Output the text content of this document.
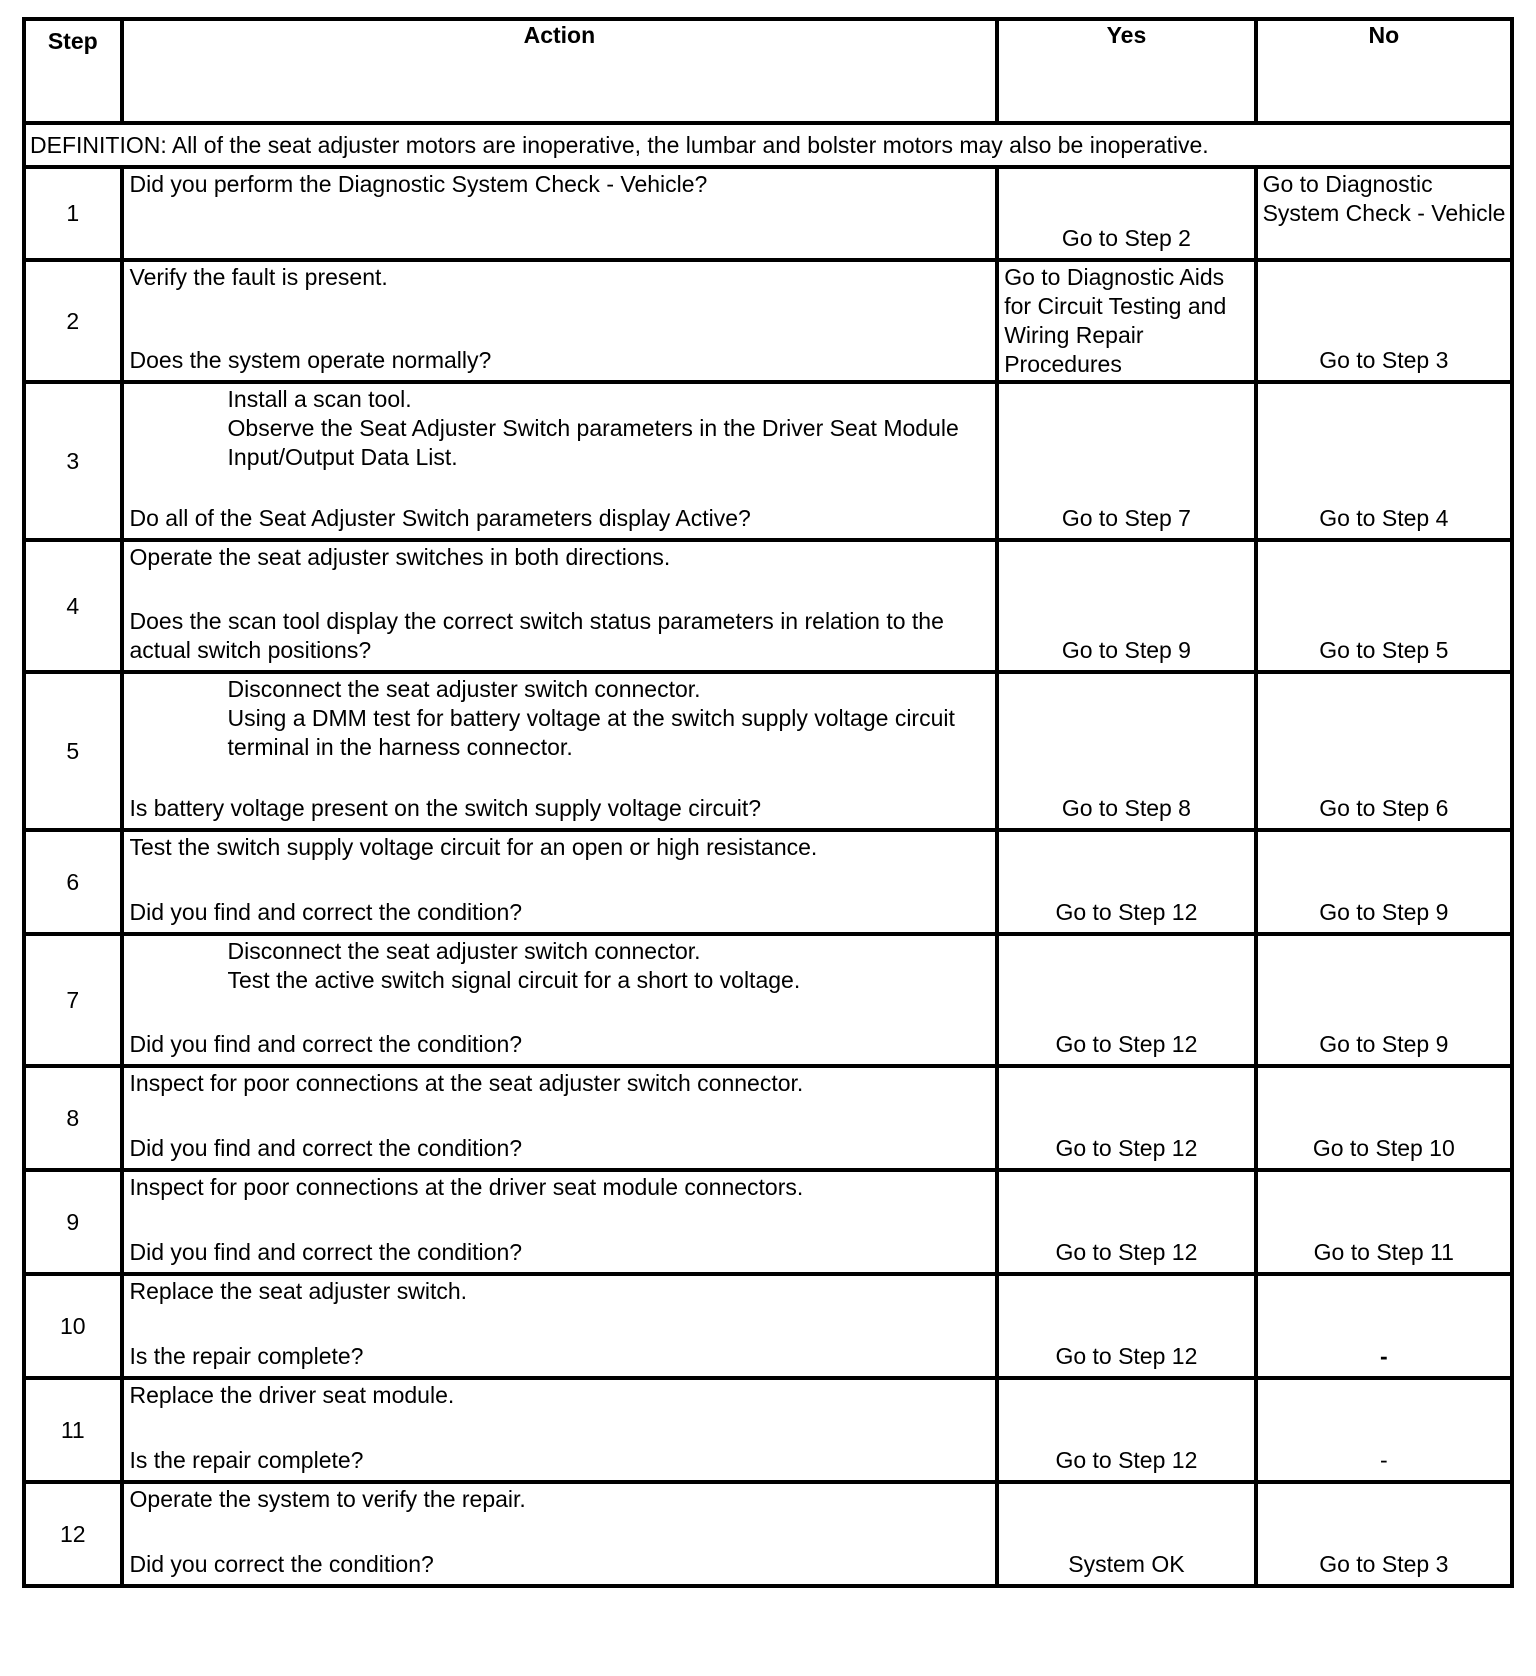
Step	Action	Yes	No

DEFINITION: All of the seat adjuster motors are inoperative, the lumbar and bolster motors may also be inoperative.			
1	Did you perform the Diagnostic System Check - Vehicle?	Go to Step 2	Go to Diagnostic System Check - Vehicle

2	Verify the fault is present.
Does the system operate normally?	Go to Diagnostic Aids for Circuit Testing and Wiring Repair Procedures	Go to Step 3

3	Install a scan tool.
Observe the Seat Adjuster Switch parameters in the Driver Seat Module Input/Output Data List.
Do all of the Seat Adjuster Switch parameters display Active?	Go to Step 7	Go to Step 4

4	Operate the seat adjuster switches in both directions.
Does the scan tool display the correct switch status parameters in relation to the actual switch positions?	Go to Step 9	Go to Step 5

5	Disconnect the seat adjuster switch connector.
Using a DMM test for battery voltage at the switch supply voltage circuit terminal in the harness connector.
Is battery voltage present on the switch supply voltage circuit?	Go to Step 8	Go to Step 6

6	Test the switch supply voltage circuit for an open or high resistance.
Did you find and correct the condition?	Go to Step 12	Go to Step 9

7	Disconnect the seat adjuster switch connector.
Test the active switch signal circuit for a short to voltage.
Did you find and correct the condition?	Go to Step 12	Go to Step 9

8	Inspect for poor connections at the seat adjuster switch connector.
Did you find and correct the condition?	Go to Step 12	Go to Step 10

9	Inspect for poor connections at the driver seat module connectors.
Did you find and correct the condition?	Go to Step 12	Go to Step 11

10	Replace the seat adjuster switch.
Is the repair complete?	Go to Step 12	-

11	Replace the driver seat module.
Is the repair complete?	Go to Step 12	-

12	Operate the system to verify the repair.
Did you correct the condition?	System OK	Go to Step 3
